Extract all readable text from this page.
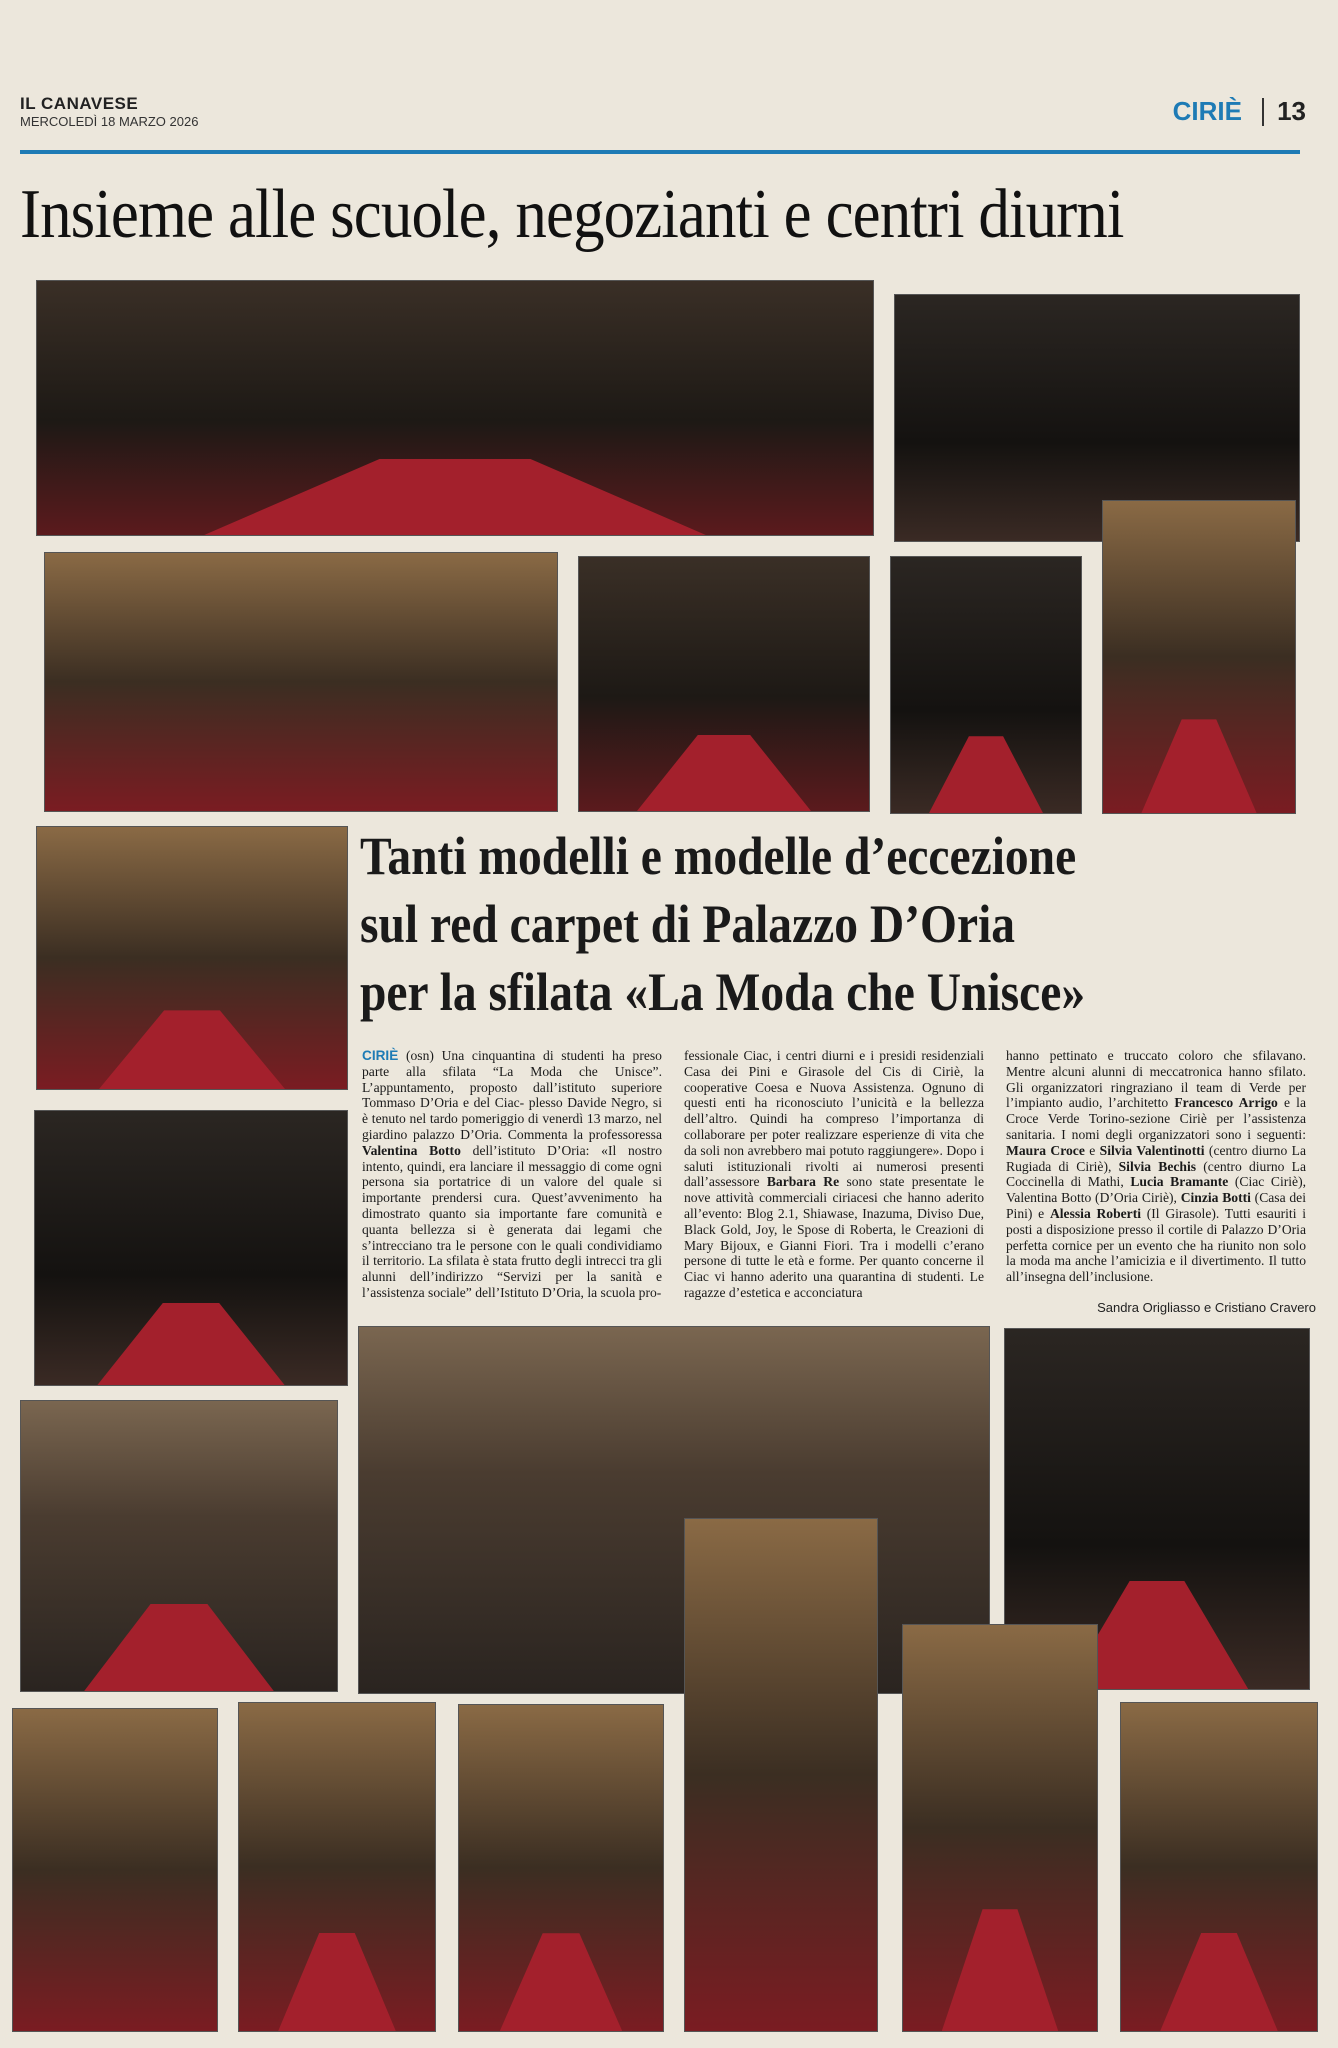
IL CANAVESE
MERCOLEDÌ 18 MARZO 2026	CIRIÈ 13
Insieme alle scuole, negozianti e centri diurni
Tanti modelli e modelle d’eccezione
sul red carpet di Palazzo D’Oria
per la sfilata «La Moda che Unisce»
CIRIÈ (osn) Una cinquantina di studenti ha preso parte alla sfilata “La Moda che Unisce”. L’appuntamento, proposto dall’istituto superiore Tommaso D’Oria e del Ciac- plesso Davide Negro, si è tenuto nel tardo pomeriggio di venerdì 13 marzo, nel giardino palazzo D’Oria. Commenta la professoressa Valentina Botto dell’istituto D’Oria: «Il nostro intento, quindi, era lanciare il messaggio di come ogni persona sia portatrice di un valore del quale si importante prendersi cura. Quest’avvenimento ha dimostrato quanto sia importante fare comunità e quanta bellezza si è generata dai legami che s’intrecciano tra le persone con le quali condividiamo il territorio. La sfilata è stata frutto degli intrecci tra gli alunni dell’indirizzo “Servizi per la sanità e l’assistenza sociale” dell’Istituto D’Oria, la scuola pro-
fessionale Ciac, i centri diurni e i presidi residenziali Casa dei Pini e Girasole del Cis di Ciriè, la cooperative Coesa e Nuova Assistenza. Ognuno di questi enti ha riconosciuto l’unicità e la bellezza dell’altro. Quindi ha compreso l’importanza di collaborare per poter realizzare esperienze di vita che da soli non avrebbero mai potuto raggiungere». Dopo i saluti istituzionali rivolti ai numerosi presenti dall’assessore Barbara Re sono state presentate le nove attività commerciali ciriacesi che hanno aderito all’evento: Blog 2.1, Shiawase, Inazuma, Diviso Due, Black Gold, Joy, le Spose di Roberta, le Creazioni di Mary Bijoux, e Gianni Fiori. Tra i modelli c’erano persone di tutte le età e forme. Per quanto concerne il Ciac vi hanno aderito una quarantina di studenti. Le ragazze d’estetica e acconciatura
hanno pettinato e truccato coloro che sfilavano. Mentre alcuni alunni di meccatronica hanno sfilato. Gli organizzatori ringraziano il team di Verde per l’impianto audio, l’architetto Francesco Arrigo e la Croce Verde Torino-sezione Ciriè per l’assistenza sanitaria. I nomi degli organizzatori sono i seguenti: Maura Croce e Silvia Valentinotti (centro diurno La Rugiada di Ciriè), Silvia Bechis (centro diurno La Coccinella di Mathi, Lucia Bramante (Ciac Ciriè), Valentina Botto (D’Oria Ciriè), Cinzia Botti (Casa dei Pini) e Alessia Roberti (Il Girasole). Tutti esauriti i posti a disposizione presso il cortile di Palazzo D’Oria perfetta cornice per un evento che ha riunito non solo la moda ma anche l’amicizia e il divertimento. Il tutto all’insegna dell’inclusione.
Sandra Origliasso e Cristiano Cravero
